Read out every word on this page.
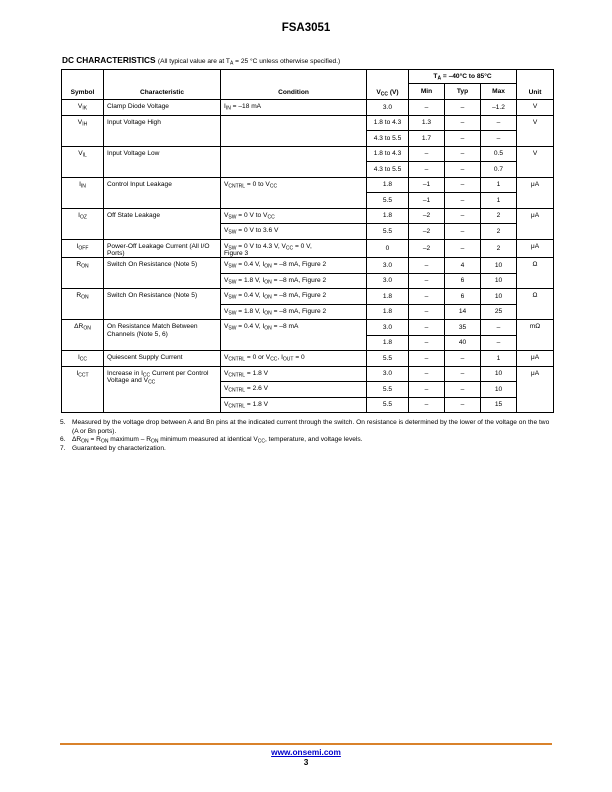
FSA3051
DC CHARACTERISTICS (All typical value are at $T_A = 25$ °C unless otherwise specified.)
Symbol	Characteristic	Condition	$V_{CC}$ (V)	$T_A = -40^\circ C$ to 85°C			Unit
				Min	Typ	Max	
$V_{IK}$	Clamp Diode Voltage	$I_{IN} = -18$ mA	3.0	–	–	–1.2	V
$V_{IH}$	Input Voltage High		1.8 to 4.3	1.3	–	–	V
			4.3 to 5.5	1.7	–	–	
$V_{IL}$	Input Voltage Low		1.8 to 4.3	–	–	0.5	V
			4.3 to 5.5	–	–	0.7	
$I_{IN}$	Control Input Leakage	$V_{CNTRL} = 0$ to $V_{CC}$	1.8	–1	–	1	μA
			5.5	–1	–	1	
$I_{OZ}$	Off State Leakage	$V_{SW} = 0$ V to $V_{CC}$	1.8	–2	–	2	μA
		$V_{SW} = 0$ V to 3.6 V	5.5	–2	–	2	
$I_{OFF}$	Power-Off Leakage Current (All I/O Ports)	$V_{SW} = 0$ V to 4.3 V, $V_{CC} = 0$ V,
Figure 3	0	–2	–	2	μA
$R_{ON}$	Switch On Resistance (Note 5)	$V_{SW} = 0.4$ V, $I_{ON} = -8$ mA, Figure 2	3.0	–	4	10	Ω
		$V_{SW} = 1.8$ V, $I_{ON} = -8$ mA, Figure 2	3.0	–	6	10	
$R_{ON}$	Switch On Resistance (Note 5)	$V_{SW} = 0.4$ V, $I_{ON} = -8$ mA, Figure 2	1.8	–	6	10	Ω
		$V_{SW} = 1.8$ V, $I_{ON} = -8$ mA, Figure 2	1.8	–	14	25	
$\Delta R_{ON}$	On Resistance Match Between Channels (Note 5, 6)	$V_{SW} = 0.4$ V, $I_{ON} = -8$ mA	3.0	–	35	–	mΩ
			1.8	–	40	–	
$I_{CC}$	Quiescent Supply Current	$V_{CNTRL} = 0$ or $V_{CC}$, $I_{OUT} = 0$	5.5	–	–	1	μA
$I_{CCT}$	Increase in $I_{CC}$ Current per Control Voltage and $V_{CC}$	$V_{CNTRL} = 1.8$ V	3.0	–	–	10	μA
		$V_{CNTRL} = 2.6$ V	5.5	–	–	10	
		$V_{CNTRL} = 1.8$ V	5.5	–	–	15	
5. Measured by the voltage drop between A and Bn pins at the indicated current through the switch. On resistance is determined by the lower of the voltage on the two (A or Bn ports).
6. $\Delta R_{ON} = R_{ON}$ maximum – $R_{ON}$ minimum measured at identical $V_{CC}$, temperature, and voltage levels.
7. Guaranteed by characterization.
www.onsemi.com
3
